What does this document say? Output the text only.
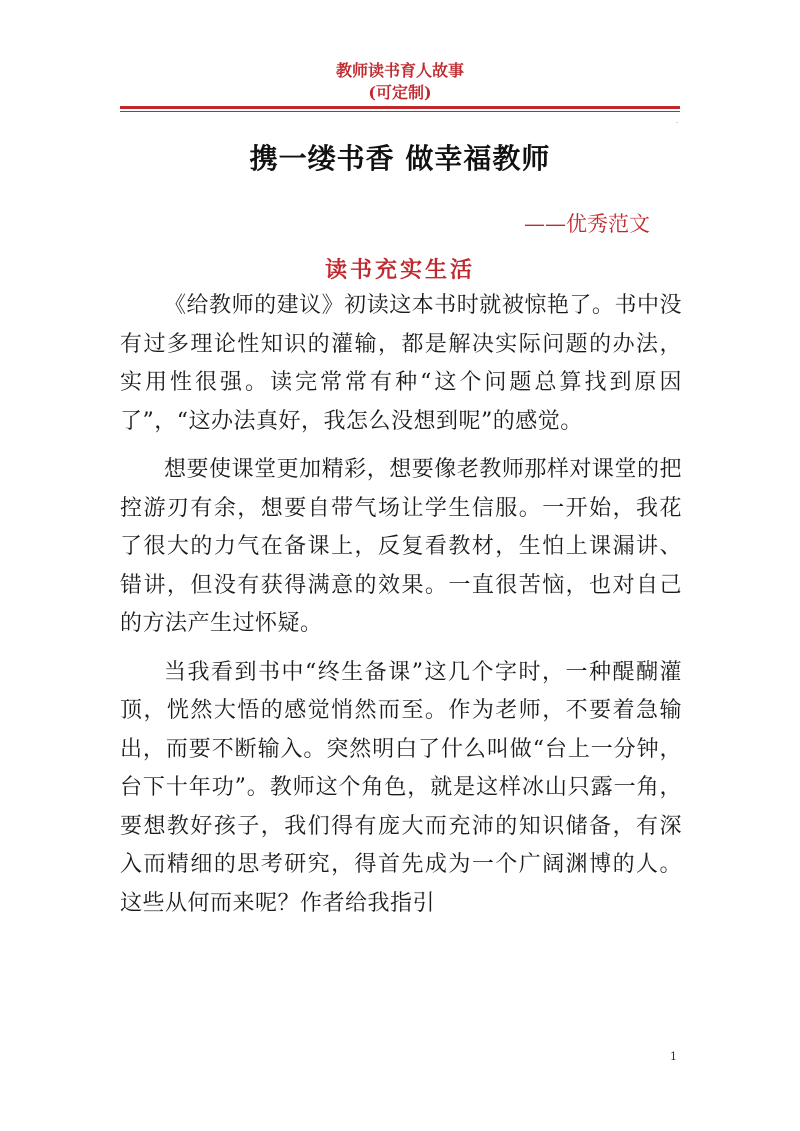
教师读书育人故事
(可定制)
·
携一缕书香 做幸福教师
——优秀范文
读书充实生活

《给教师的建议》初读这本书时就被惊艳了。书中没有过多理论性知识的灌输，都是解决实际问题的办法，实用性很强。读完常常有种“这个问题总算找到原因了”，“这办法真好，我怎么没想到呢”的感觉。

想要使课堂更加精彩，想要像老教师那样对课堂的把控游刃有余，想要自带气场让学生信服。一开始，我花了很大的力气在备课上，反复看教材，生怕上课漏讲、错讲，但没有获得满意的效果。一直很苦恼，也对自己的方法产生过怀疑。

当我看到书中“终生备课”这几个字时，一种醍醐灌顶，恍然大悟的感觉悄然而至。作为老师，不要着急输出，而要不断输入。突然明白了什么叫做“台上一分钟，台下十年功”。教师这个角色，就是这样冰山只露一角，要想教好孩子，我们得有庞大而充沛的知识储备，有深入而精细的思考研究，得首先成为一个广阔渊博的人。这些从何而来呢？作者给我指引

1
